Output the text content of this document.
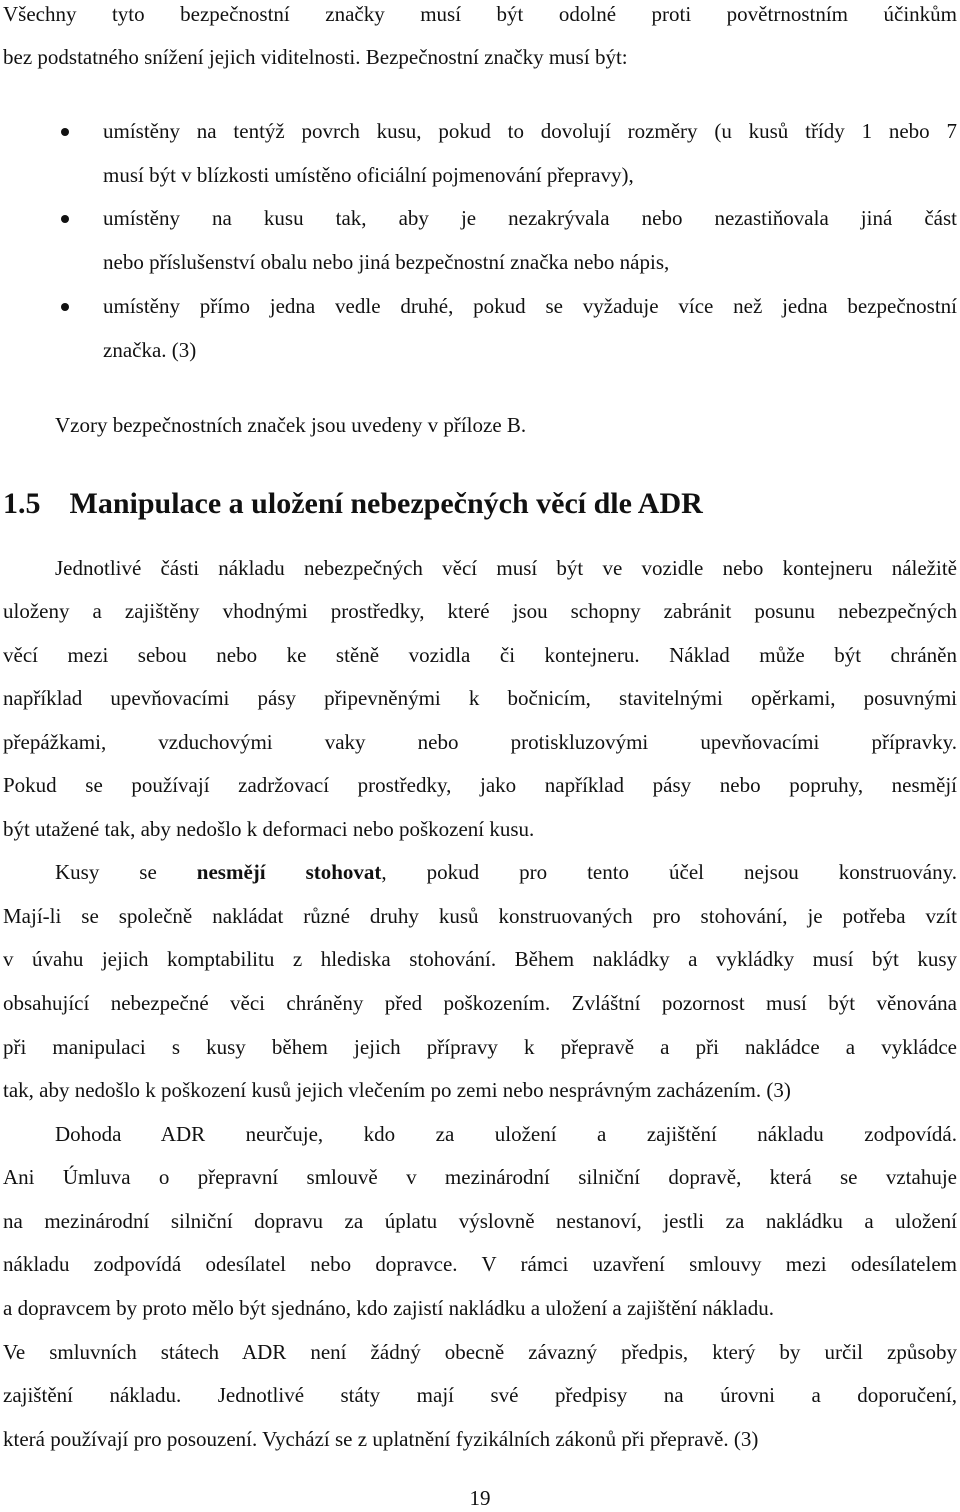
Všechny tyto bezpečnostní značky musí být odolné proti povětrnostním účinkům
bez podstatného snížení jejich viditelnosti. Bezpečnostní značky musí být:
umístěny na tentýž povrch kusu, pokud to dovolují rozměry (u kusů třídy 1 nebo 7
musí být v blízkosti umístěno oficiální pojmenování přepravy),
umístěny na kusu tak, aby je nezakrývala nebo nezastiňovala jiná část
nebo příslušenství obalu nebo jiná bezpečnostní značka nebo nápis,
umístěny přímo jedna vedle druhé, pokud se vyžaduje více než jedna bezpečnostní
značka. (3)
Vzory bezpečnostních značek jsou uvedeny v příloze B.
1.5 Manipulace a uložení nebezpečných věcí dle ADR
Jednotlivé části nákladu nebezpečných věcí musí být ve vozidle nebo kontejneru náležitě
uloženy a zajištěny vhodnými prostředky, které jsou schopny zabránit posunu nebezpečných
věcí mezi sebou nebo ke stěně vozidla či kontejneru. Náklad může být chráněn
například upevňovacími pásy připevněnými k bočnicím, stavitelnými opěrkami, posuvnými
přepážkami, vzduchovými vaky nebo protiskluzovými upevňovacími přípravky.
Pokud se používají zadržovací prostředky, jako například pásy nebo popruhy, nesmějí
být utažené tak, aby nedošlo k deformaci nebo poškození kusu.
Kusy se nesmějí stohovat, pokud pro tento účel nejsou konstruovány.
Mají-li se společně nakládat různé druhy kusů konstruovaných pro stohování, je potřeba vzít
v úvahu jejich komptabilitu z hlediska stohování. Během nakládky a vykládky musí být kusy
obsahující nebezpečné věci chráněny před poškozením. Zvláštní pozornost musí být věnována
při manipulaci s kusy během jejich přípravy k přepravě a při nakládce a vykládce
tak, aby nedošlo k poškození kusů jejich vlečením po zemi nebo nesprávným zacházením. (3)
Dohoda ADR neurčuje, kdo za uložení a zajištění nákladu zodpovídá.
Ani Úmluva o přepravní smlouvě v mezinárodní silniční dopravě, která se vztahuje
na mezinárodní silniční dopravu za úplatu výslovně nestanoví, jestli za nakládku a uložení
nákladu zodpovídá odesílatel nebo dopravce. V rámci uzavření smlouvy mezi odesílatelem
a dopravcem by proto mělo být sjednáno, kdo zajistí nakládku a uložení a zajištění nákladu.
Ve smluvních státech ADR není žádný obecně závazný předpis, který by určil způsoby
zajištění nákladu. Jednotlivé státy mají své předpisy na úrovni a doporučení,
která používají pro posouzení. Vychází se z uplatnění fyzikálních zákonů při přepravě. (3)
19
